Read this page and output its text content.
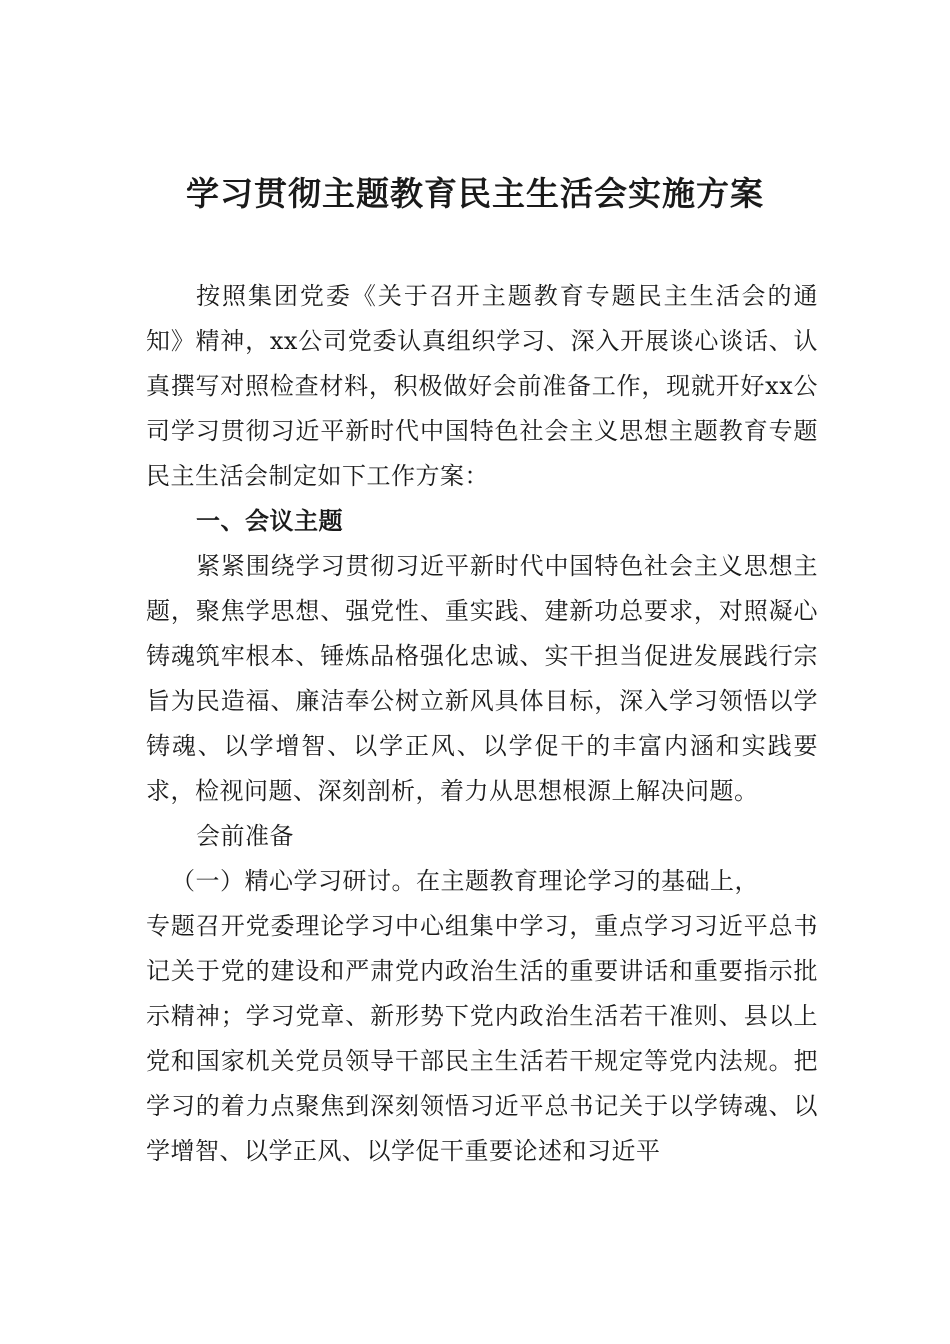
学习贯彻主题教育民主生活会实施方案

按照集团党委《关于召开主题教育专题民主生活会的通知》精神，xx公司党委认真组织学习、深入开展谈心谈话、认真撰写对照检查材料，积极做好会前准备工作，现就开好xx公司学习贯彻习近平新时代中国特色社会主义思想主题教育专题民主生活会制定如下工作方案：

一、会议主题

紧紧围绕学习贯彻习近平新时代中国特色社会主义思想主题，聚焦学思想、强党性、重实践、建新功总要求，对照凝心铸魂筑牢根本、锤炼品格强化忠诚、实干担当促进发展践行宗旨为民造福、廉洁奉公树立新风具体目标，深入学习领悟以学铸魂、以学增智、以学正风、以学促干的丰富内涵和实践要求，检视问题、深刻剖析，着力从思想根源上解决问题。

会前准备

（一）精心学习研讨。在主题教育理论学习的基础上，

专题召开党委理论学习中心组集中学习，重点学习习近平总书记关于党的建设和严肃党内政治生活的重要讲话和重要指示批示精神；学习党章、新形势下党内政治生活若干准则、县以上党和国家机关党员领导干部民主生活若干规定等党内法规。把学习的着力点聚焦到深刻领悟习近平总书记关于以学铸魂、以学增智、以学正风、以学促干重要论述和习近平
